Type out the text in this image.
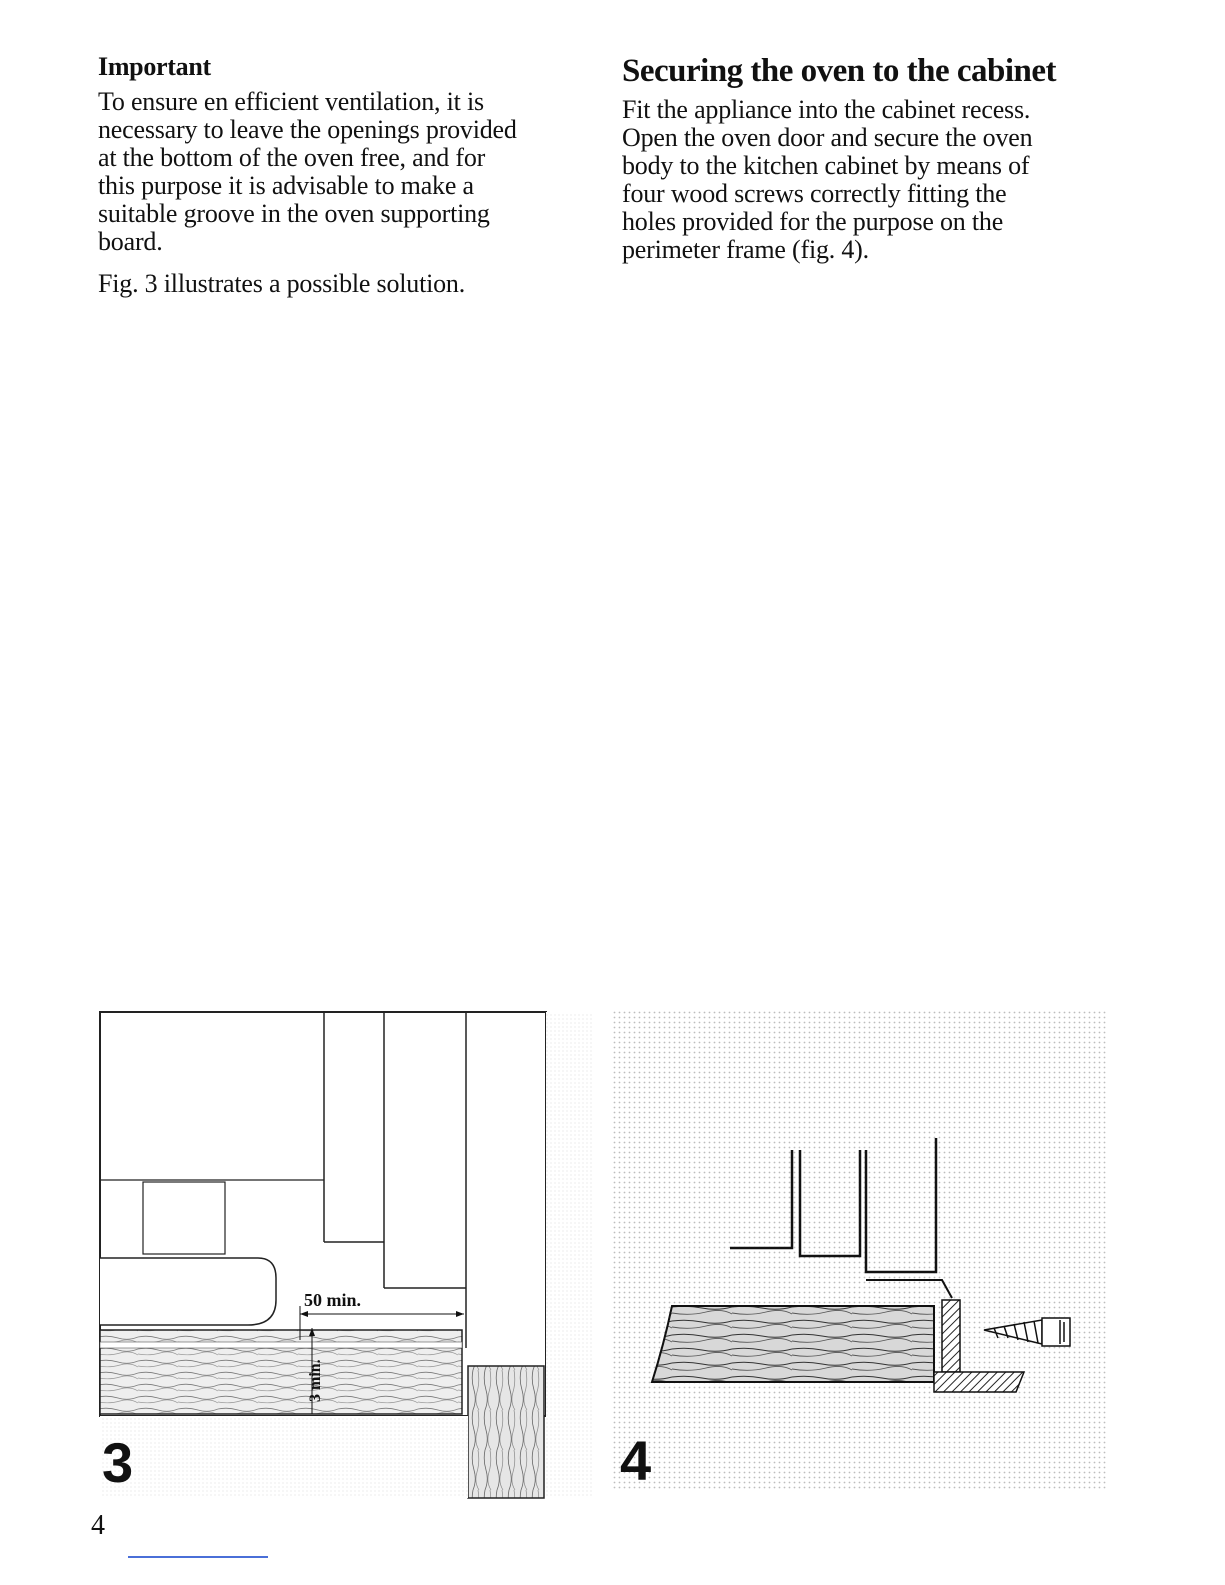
Important
To ensure en efficient ventilation, it is
necessary to leave the openings provided
at the bottom of the oven free, and for
this purpose it is advisable to make a
suitable groove in the oven supporting
board.
Fig. 3 illustrates a possible solution.
Securing the oven to the cabinet
Fit the appliance into the cabinet recess.
Open the oven door and secure the oven
body to the kitchen cabinet by means of
four wood screws correctly fitting the
holes provided for the purpose on the
perimeter frame (fig. 4).
50 min.
3 min.
3	4
4
